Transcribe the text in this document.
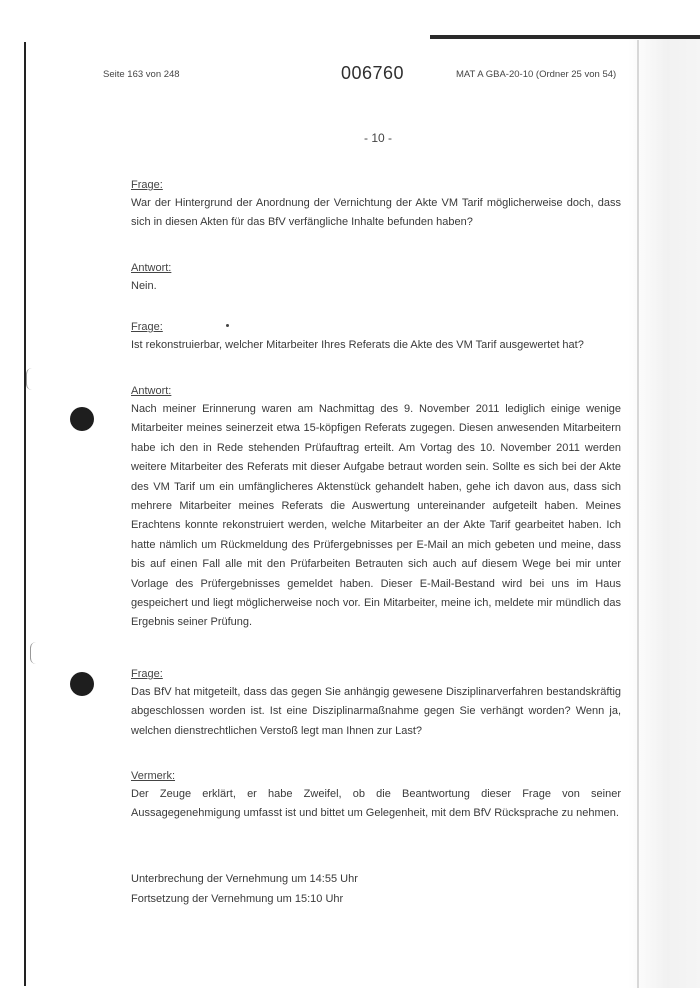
Seite 163 von 248	006760	MAT A GBA-20-10 (Ordner 25 von 54)
- 10 -

Frage:

War der Hintergrund der Anordnung der Vernichtung der Akte VM Tarif möglicherweise doch, dass sich in diesen Akten für das BfV verfängliche Inhalte befunden haben?

Antwort:

Nein.

Frage:

Ist rekonstruierbar, welcher Mitarbeiter Ihres Referats die Akte des VM Tarif ausgewertet hat?

Antwort:

Nach meiner Erinnerung waren am Nachmittag des 9. November 2011 lediglich einige wenige Mitarbeiter meines seinerzeit etwa 15-köpfigen Referats zugegen. Diesen anwesenden Mitarbeitern habe ich den in Rede stehenden Prüfauftrag erteilt. Am Vortag des 10. November 2011 werden weitere Mitarbeiter des Referats mit dieser Aufgabe betraut worden sein. Sollte es sich bei der Akte des VM Tarif um ein umfänglicheres Aktenstück gehandelt haben, gehe ich davon aus, dass sich mehrere Mitarbeiter meines Referats die Auswertung untereinander aufgeteilt haben. Meines Erachtens konnte rekonstruiert werden, welche Mitarbeiter an der Akte Tarif gearbeitet haben. Ich hatte nämlich um Rückmeldung des Prüfergebnisses per E-Mail an mich gebeten und meine, dass bis auf einen Fall alle mit den Prüfarbeiten Betrauten sich auch auf diesem Wege bei mir unter Vorlage des Prüfergebnisses gemeldet haben. Dieser E-Mail-Bestand wird bei uns im Haus gespeichert und liegt möglicherweise noch vor. Ein Mitarbeiter, meine ich, meldete mir mündlich das Ergebnis seiner Prüfung.

Frage:

Das BfV hat mitgeteilt, dass das gegen Sie anhängig gewesene Disziplinarverfahren bestandskräftig abgeschlossen worden ist. Ist eine Disziplinarmaßnahme gegen Sie verhängt worden? Wenn ja, welchen dienstrechtlichen Verstoß legt man Ihnen zur Last?

Vermerk:

Der Zeuge erklärt, er habe Zweifel, ob die Beantwortung dieser Frage von seiner Aussagegenehmigung umfasst ist und bittet um Gelegenheit, mit dem BfV Rücksprache zu nehmen.

Unterbrechung der Vernehmung um 14:55 Uhr

Fortsetzung der Vernehmung um 15:10 Uhr
